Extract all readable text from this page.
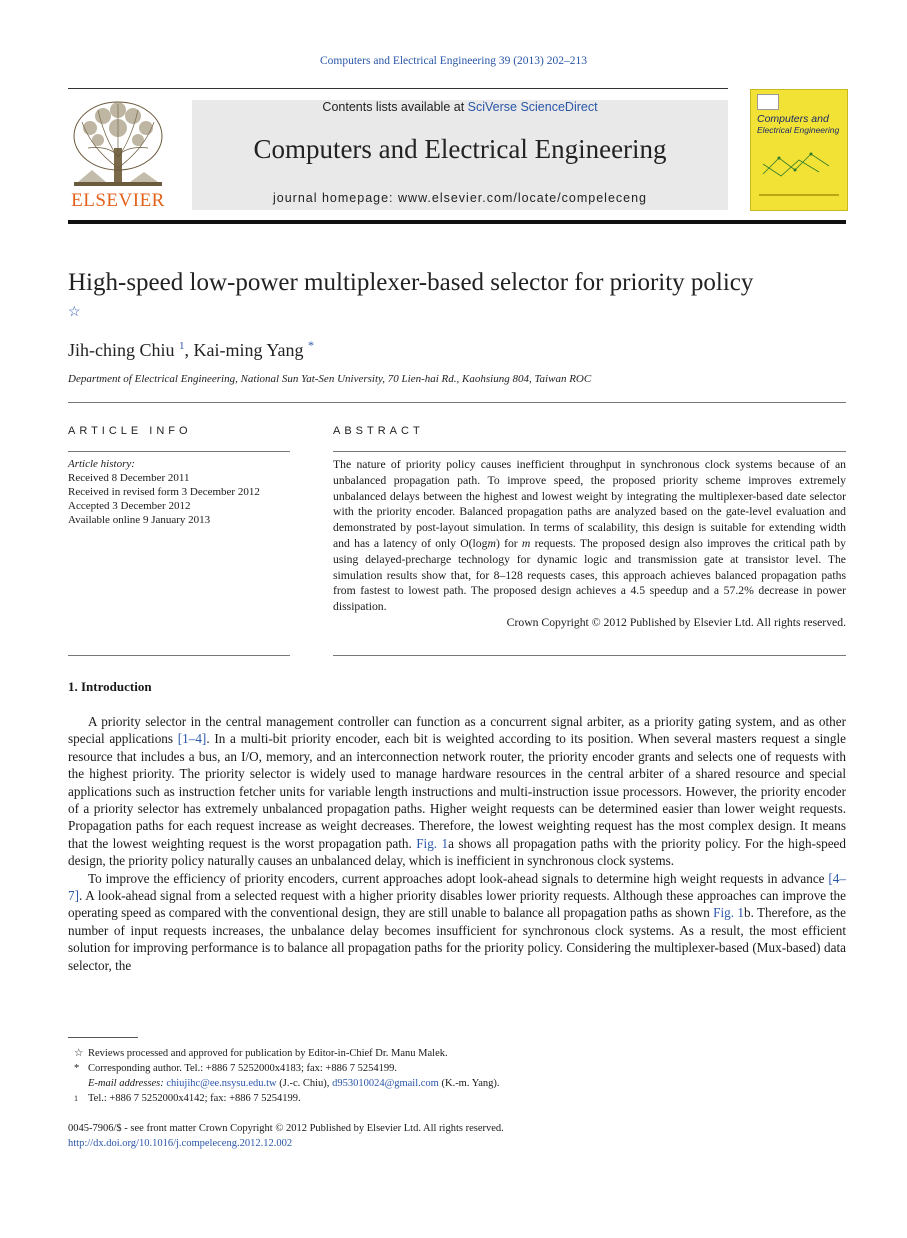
Computers and Electrical Engineering 39 (2013) 202–213
ELSEVIER
Contents lists available at SciVerse ScienceDirect
Computers and Electrical Engineering
journal homepage: www.elsevier.com/locate/compeleceng
Computers and
Electrical Engineering
High-speed low-power multiplexer-based selector for priority policy ☆
Jih-ching Chiu $^1$, Kai-ming Yang *
Department of Electrical Engineering, National Sun Yat-Sen University, 70 Lien-hai Rd., Kaohsiung 804, Taiwan ROC
ARTICLE INFO
Article history:
Received 8 December 2011
Received in revised form 3 December 2012
Accepted 3 December 2012
Available online 9 January 2013
ABSTRACT
The nature of priority policy causes inefficient throughput in synchronous clock systems because of an unbalanced propagation path. To improve speed, the proposed priority scheme improves extremely unbalanced delays between the highest and lowest weight by integrating the multiplexer-based date selector with the priority encoder. Balanced propagation paths are analyzed based on the gate-level evaluation and demonstrated by post-layout simulation. In terms of scalability, this design is suitable for extending width and has a latency of only O(logm) for m requests. The proposed design also improves the critical path by using delayed-precharge technology for dynamic logic and transmission gate at transistor level. The simulation results show that, for 8–128 requests cases, this approach achieves balanced propagation paths from fastest to lowest path. The proposed design achieves a 4.5 speedup and a 57.2% decrease in power dissipation.
Crown Copyright © 2012 Published by Elsevier Ltd. All rights reserved.
1. Introduction

A priority selector in the central management controller can function as a concurrent signal arbiter, as a priority gating system, and as other special applications [1–4]. In a multi-bit priority encoder, each bit is weighted according to its position. When several masters request a single resource that includes a bus, an I/O, memory, and an interconnection network router, the priority encoder grants and selects one of requests with the highest priority. The priority selector is widely used to manage hardware resources in the central arbiter of a shared resource and special applications such as instruction fetcher units for variable length instructions and multi-instruction issue processors. However, the priority encoder of a priority selector has extremely unbalanced propagation paths. Higher weight requests can be determined easier than lower weight requests. Propagation paths for each request increase as weight decreases. Therefore, the lowest weighting request has the most complex design. It means that the lowest weighting request is the worst propagation path. Fig. 1a shows all propagation paths with the priority policy. For the high-speed design, the priority policy naturally causes an unbalanced delay, which is inefficient in synchronous clock systems.

To improve the efficiency of priority encoders, current approaches adopt look-ahead signals to determine high weight requests in advance [4–7]. A look-ahead signal from a selected request with a higher priority disables lower priority requests. Although these approaches can improve the operating speed as compared with the conventional design, they are still unable to balance all propagation paths as shown Fig. 1b. Therefore, as the number of input requests increases, the unbalance delay becomes insufficient for synchronous clock systems. As a result, the most efficient solution for improving performance is to balance all propagation paths for the priority policy. Considering the multiplexer-based (Mux-based) data selector, the

☆ Reviews processed and approved for publication by Editor-in-Chief Dr. Manu Malek.
* Corresponding author. Tel.: +886 7 5252000x4183; fax: +886 7 5254199.
E-mail addresses: chiujihc@ee.nsysu.edu.tw (J.-c. Chiu), d953010024@gmail.com (K.-m. Yang).
1 Tel.: +886 7 5252000x4142; fax: +886 7 5254199.
0045-7906/$ - see front matter Crown Copyright © 2012 Published by Elsevier Ltd. All rights reserved.
http://dx.doi.org/10.1016/j.compeleceng.2012.12.002
